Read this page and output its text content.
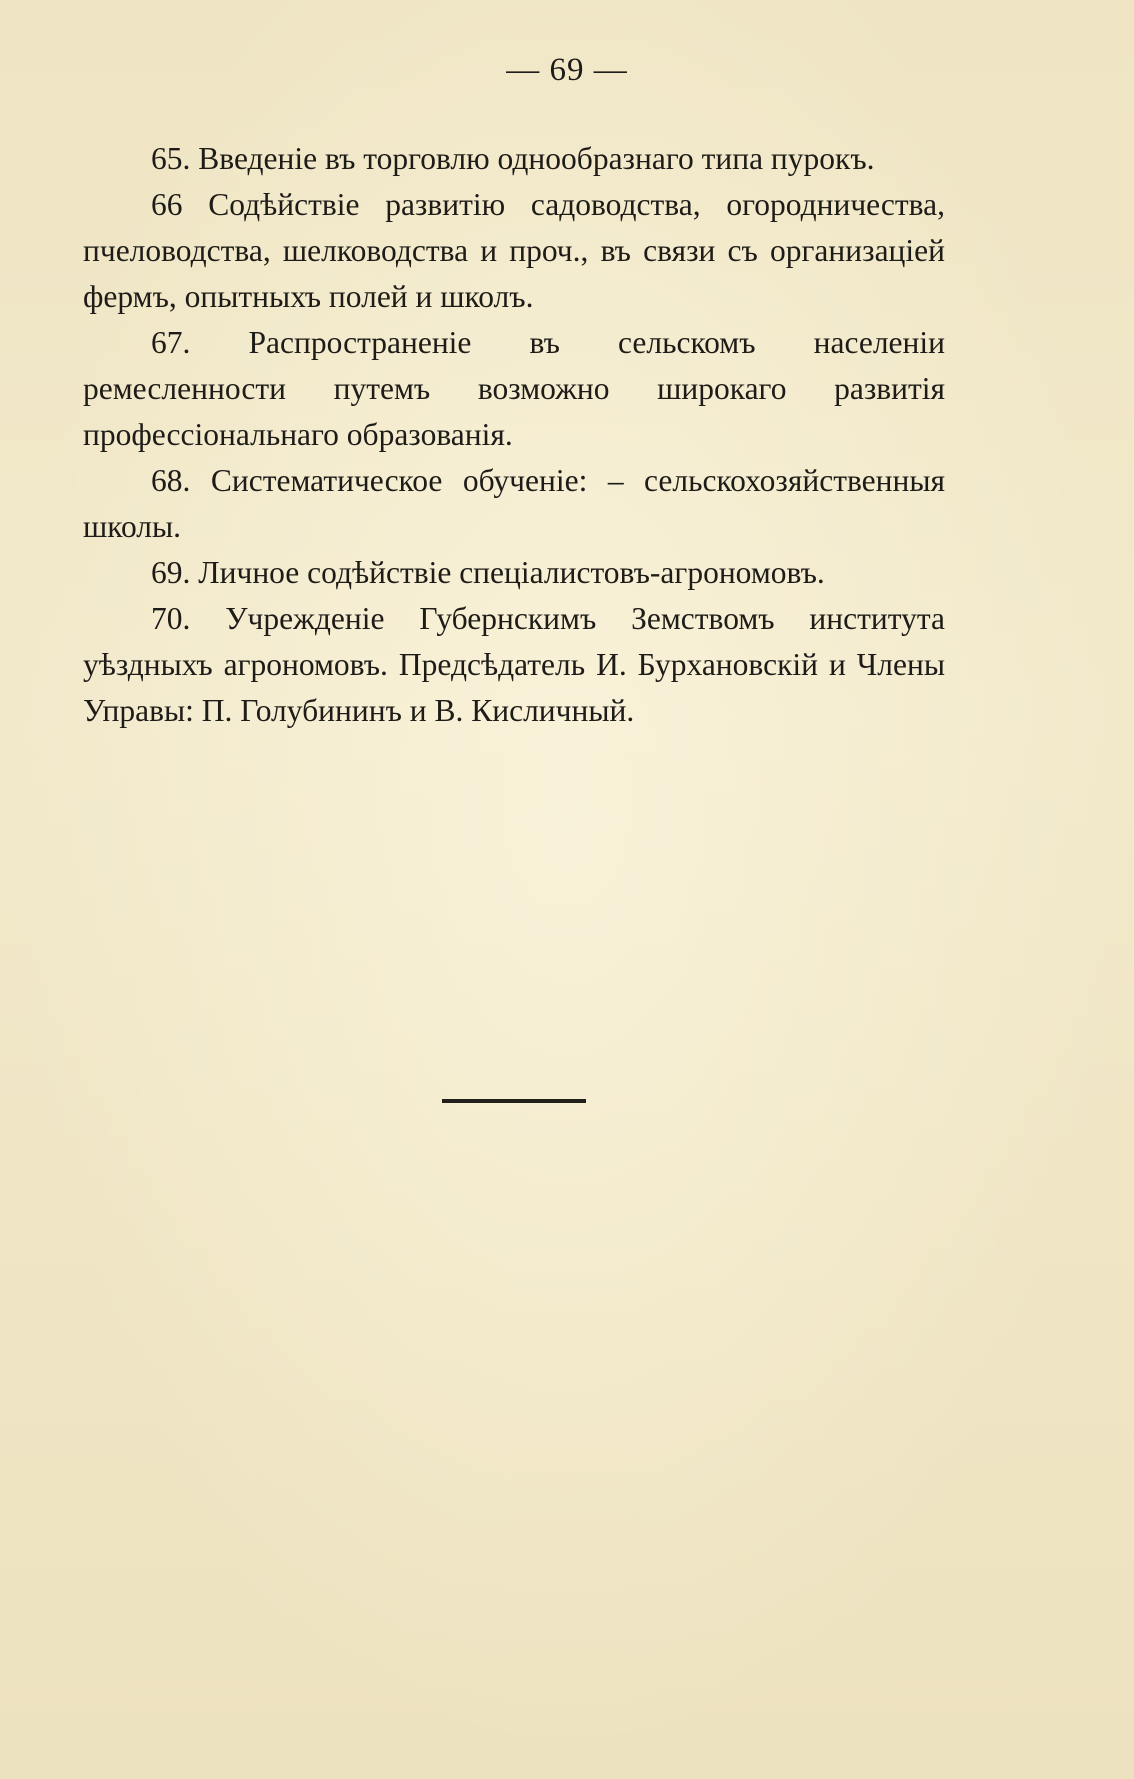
— 69 —

65. Введеніе въ торговлю однообразнаго типа пурокъ.

66 Содѣйствіе развитію садоводства, огородничества, пчеловодства, шелководства и проч., въ связи съ организаціей фермъ, опытныхъ полей и школъ.

67. Распространеніе въ сельскомъ населеніи ремесленности путемъ возможно широкаго развитія профессіональнаго образованія.

68. Систематическое обученіе: – сельскохозяйственныя школы.

69. Личное содѣйствіе спеціалистовъ-агрономовъ.

70. Учрежденіе Губернскимъ Земствомъ института уѣздныхъ агрономовъ. Предсѣдатель И. Бурхановскій и Члены Управы: П. Голубининъ и В. Кисличный.
